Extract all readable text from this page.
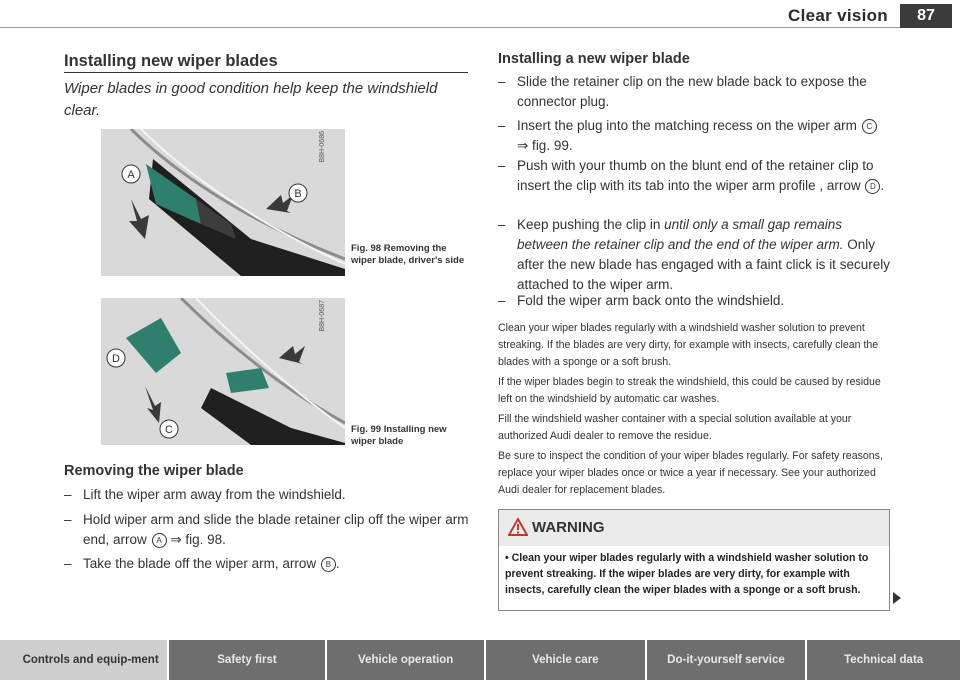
Clear vision	87
Installing new wiper blades
Wiper blades in good condition help keep the windshield clear.
A
B
B8H-0686
Fig. 98 Removing the wiper blade, driver's side
D
C
B8H-0687
Fig. 99 Installing new wiper blade
Removing the wiper blade
– Lift the wiper arm away from the windshield.
– Hold wiper arm and slide the blade retainer clip off the wiper arm end, arrow A ⇒ fig. 98.
– Take the blade off the wiper arm, arrow B .
Installing a new wiper blade
– Slide the retainer clip on the new blade back to expose the connector plug.
– Insert the plug into the matching recess on the wiper arm C ⇒ fig. 99.
– Push with your thumb on the blunt end of the retainer clip to insert the clip with its tab into the wiper arm profile , arrow D .
– Keep pushing the clip in until only a small gap remains between the retainer clip and the end of the wiper arm. Only after the new blade has engaged with a faint click is it securely attached to the wiper arm.
– Fold the wiper arm back onto the windshield.
Clean your wiper blades regularly with a windshield washer solution to prevent streaking. If the blades are very dirty, for example with insects, carefully clean the blades with a sponge or a soft brush.
If the wiper blades begin to streak the windshield, this could be caused by residue left on the windshield by automatic car washes.
Fill the windshield washer container with a special solution available at your authorized Audi dealer to remove the residue.
Be sure to inspect the condition of your wiper blades regularly. For safety reasons, replace your wiper blades once or twice a year if necessary. See your authorized Audi dealer for replacement blades.
WARNING
• Clean your wiper blades regularly with a windshield washer solution to prevent streaking. If the wiper blades are very dirty, for example with insects, carefully clean the wiper blades with a sponge or a soft brush.
Controls and equip-ment	Safety first	Vehicle operation	Vehicle care	Do-it-yourself service	Technical data
